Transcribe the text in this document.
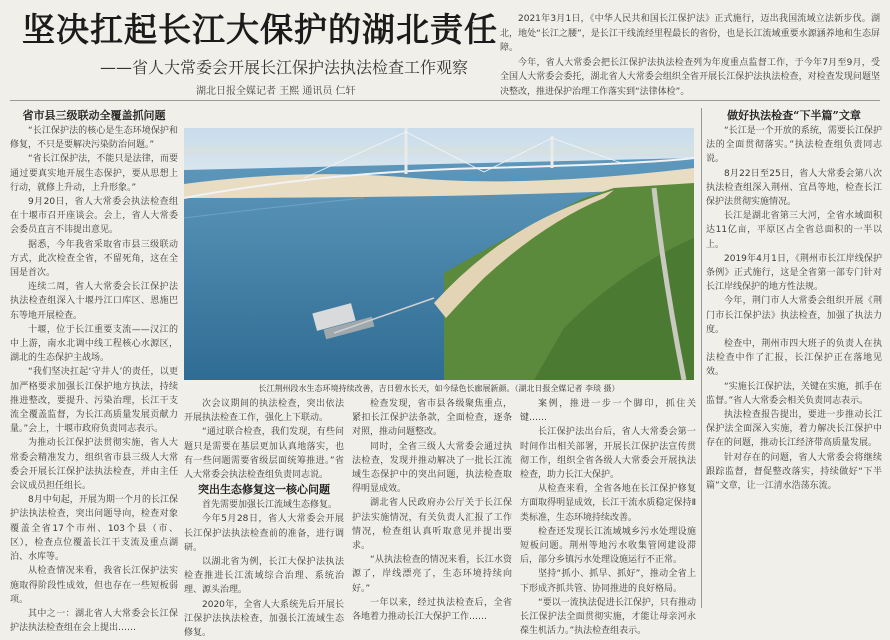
坚决扛起长江大保护的湖北责任
——省人大常委会开展长江保护法执法检查工作观察
湖北日报全媒记者 王熙 通讯员 仁轩

2021年3月1日，《中华人民共和国长江保护法》正式施行，迈出我国流域立法新步伐。湖北，地处“长江之腰”，是长江干线流经里程最长的省份，也是长江流域重要水源涵养地和生态屏障。

今年，省人大常委会把长江保护法执法检查列为年度重点监督工作，于今年7月至9月，受全国人大常委会委托，湖北省人大常委会组织全省开展长江保护法执法检查，对检查发现问题坚决整改，推进保护治理工作落实到“法律体检”。

省市县三级联动全覆盖抓问题

“长江保护法的核心是生态环境保护和修复，不只是要解决污染防治问题。”

“省长江保护法，不能只是法律，而要通过要真实地开展生态保护，要从思想上行动，就修上升动，上升形象。”

9月20日，省人大常委会执法检查组在十堰市召开座谈会。会上，省人大常委会委员直言不讳提出意见。

据悉，今年我省采取省市县三级联动方式，此次检查全省，不留死角，这在全国是首次。

连续二周，省人大常委会长江保护法执法检查组深入十堰丹江口库区、恩施巴东等地开展检查。

十堰，位于长江重要支流——汉江的中上游，南水北调中线工程核心水源区，湖北的生态保护主战场。

“我们坚决扛起‘守井人’的责任，以更加严格要求加强长江保护地方执法，持续推进整改，要提升、污染治理，长江干支流全覆盖监督，为长江高质量发展贡献力量。”会上，十堰市政府负责同志表示。

为推动长江保护法贯彻实施，省人大常委会精准发力，组织省市县三级人大常委会开展长江保护法执法检查，并由主任会议成员担任组长。

8月中旬起，开展为期一个月的长江保护法执法检查，突出问题导向，检查对象覆盖全省17个市州、103个县（市、区），检查点位覆盖长江干支流及重点湖泊、水库等。

从检查情况来看，我省长江保护法实施取得阶段性成效，但也存在一些短板弱项。

其中之一：湖北省人大常委会长江保护法执法检查组在会上提出……

长江荆州段水生态环境持续改善，吉日碧水长天，如今绿色长廊展新颜。（湖北日报全媒记者 李琰 摄）

次会议期间的执法检查，突出依法开展执法检查工作，强化上下联动。

“通过联合检查，我们发现，有些问题只是需要在基层更加认真地落实，也有一些问题需要省级层面统筹推进。”省人大常委会执法检查组负责同志说。

突出生态修复这一核心问题

首先需要加强长江流域生态修复。

今年5月28日，省人大常委会开展长江保护法执法检查前的准备，进行调研。

以湖北省为例，长江大保护法执法检查推进长江流域综合治理、系统治理、源头治理。

2020年，全省人大系统先后开展长江保护法执法检查，加强长江流域生态修复。

检查发现，省市县各级聚焦重点，紧扣长江保护法条款，全面检查，逐条对照，推动问题整改。

同时，全省三级人大常委会通过执法检查，发现并推动解决了一批长江流域生态保护中的突出问题，执法检查取得明显成效。

湖北省人民政府办公厅关于长江保护法实施情况，有关负责人汇报了工作情况，检查组认真听取意见并提出要求。

“从执法检查的情况来看，长江水资源了，岸线漂亮了，生态环境持续向好。”

一年以来，经过执法检查后，全省各地着力推动长江大保护工作……

案例，推进一步一个脚印，抓住关键……

长江保护法出台后，省人大常委会第一时间作出相关部署，开展长江保护法宣传贯彻工作，组织全省各级人大常委会开展执法检查，助力长江大保护。

从检查来看，全省各地在长江保护修复方面取得明显成效，长江干流水质稳定保持Ⅱ类标准，生态环境持续改善。

检查还发现长江流域城乡污水处理设施短板问题。荆州等地污水收集管网建设滞后，部分乡镇污水处理设施运行不正常。

坚持“抓小、抓早、抓好”，推动全省上下形成齐抓共管、协同推进的良好格局。

“要以一流执法促进长江保护，只有推动长江保护法全面贯彻实施，才能让母亲河永葆生机活力。”执法检查组表示。

做好执法检查“下半篇”文章

“长江是一个开放的系统，需要长江保护法的全面贯彻落实。”执法检查组负责同志说。

8月22日至25日，省人大常委会第八次执法检查组深入荆州、宜昌等地，检查长江保护法贯彻实施情况。

长江是湖北省第三大河，全省水域面积达11亿亩，平原区占全省总面积的一半以上。

2019年4月1日，《荆州市长江岸线保护条例》正式施行，这是全省第一部专门针对长江岸线保护的地方性法规。

今年，荆门市人大常委会组织开展《荆门市长江保护法》执法检查，加强了执法力度。

检查中，荆州市四大班子的负责人在执法检查中作了汇报，长江保护正在落地见效。

“实施长江保护法，关键在实施，抓手在监督。”省人大常委会相关负责同志表示。

执法检查报告提出，要进一步推动长江保护法全面深入实施，着力解决长江保护中存在的问题，推动长江经济带高质量发展。

针对存在的问题，省人大常委会将继续跟踪监督，督促整改落实，持续做好“下半篇”文章，让一江清水浩荡东流。
